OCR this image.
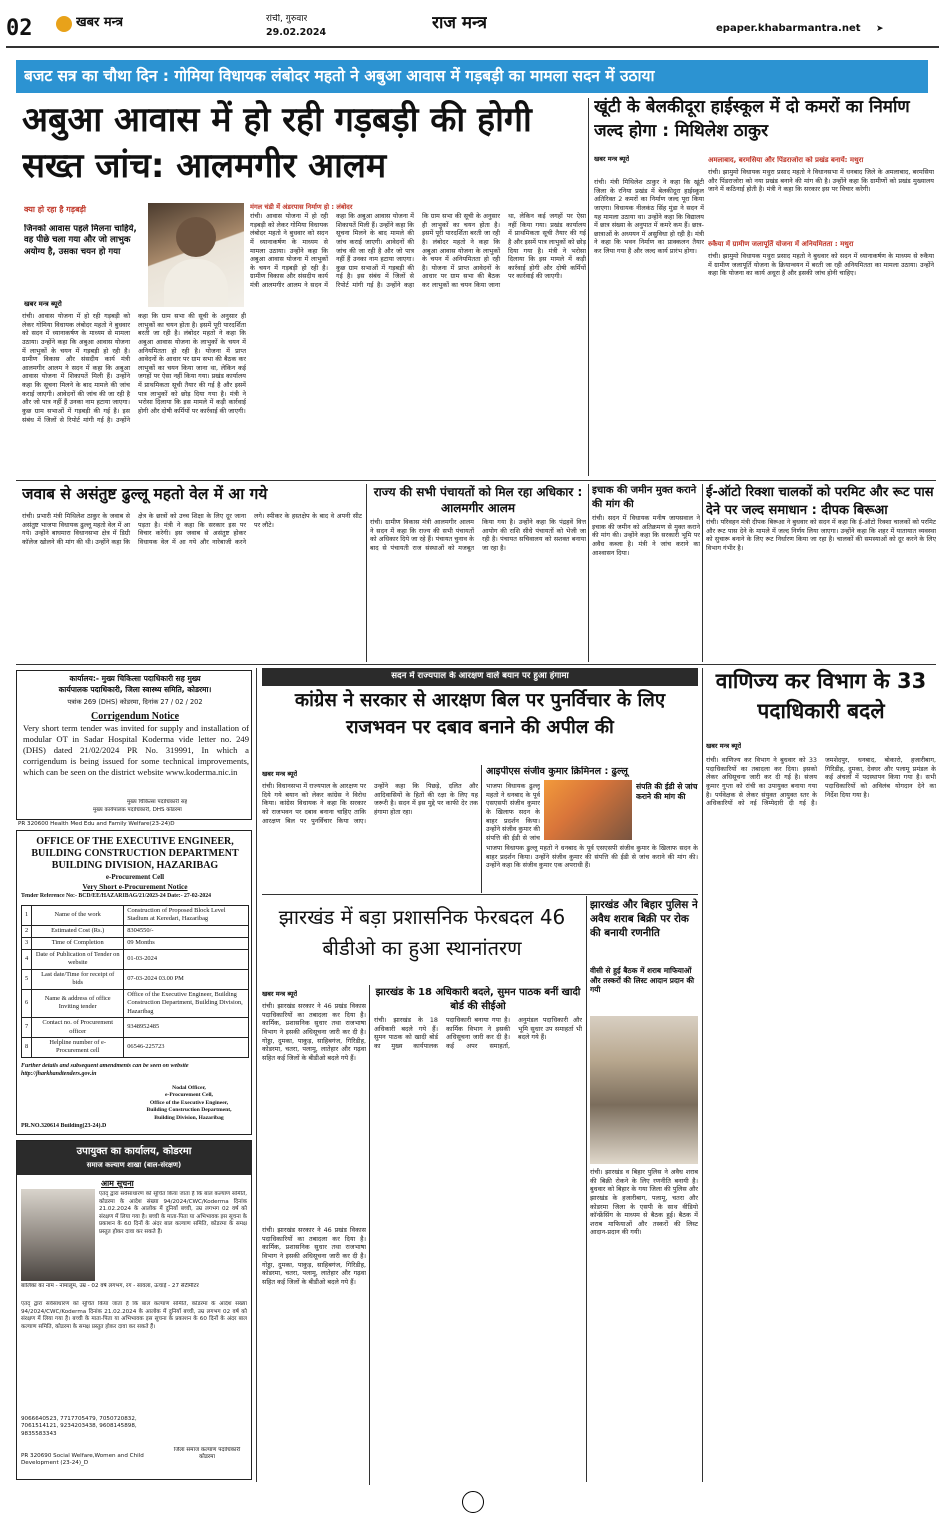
02	खबर मन्त्र	रांची, गुरुवार
29.02.2024	राज मन्त्र	epaper.khabarmantra.net ➤
बजट सत्र का चौथा दिन : गोमिया विधायक लंबोदर महतो ने अबुआ आवास में गड़बड़ी का मामला सदन में उठाया
अबुआ आवास में हो रही गड़बड़ी की होगी सख्त जांच: आलमगीर आलम
क्या हो रहा है गड़बड़ी
जिनको आवास पहले मिलना चाहिये, वह पीछे चला गया और जो लाभुक अयोग्य है, उसका चयन हो गया
खबर मन्त्र ब्यूरो
रांची। आवास योजना में हो रही गड़बड़ी को लेकर गोमिया विधायक लंबोदर महतो ने बुधवार को सदन में ध्यानाकर्षण के माध्यम से मामला उठाया। उन्होंने कहा कि अबुआ आवास योजना में लाभुकों के चयन में गड़बड़ी हो रही है। ग्रामीण विकास और संसदीय कार्य मंत्री आलमगीर आलम ने सदन में कहा कि अबुआ आवास योजना में शिकायतें मिली हैं। उन्होंने कहा कि सूचना मिलने के बाद मामले की जांच कराई जाएगी। आवेदनों की जांच की जा रही है और जो पात्र नहीं हैं उनका नाम हटाया जाएगा। कुछ ग्राम सभाओं में गड़बड़ी की गई है। इस संबंध में जिलों से रिपोर्ट मांगी गई है। उन्होंने कहा कि ग्राम सभा की सूची के अनुसार ही लाभुकों का चयन होता है। इसमें पूरी पारदर्शिता बरती जा रही है। लंबोदर महतो ने कहा कि अबुआ आवास योजना के लाभुकों के चयन में अनियमितता हो रही है। योजना में प्राप्त आवेदनों के आधार पर ग्राम सभा की बैठक कर लाभुकों का चयन किया जाना था, लेकिन कई जगहों पर ऐसा नहीं किया गया। प्रखंड कार्यालय में प्राथमिकता सूची तैयार की गई है और इसमें पात्र लाभुकों को छोड़ दिया गया है। मंत्री ने भरोसा दिलाया कि इस मामले में कड़ी कार्रवाई होगी और दोषी कर्मियों पर कार्रवाई की जाएगी।
मंगल चंडी में अंडरपास निर्माण हो : लंबोदर
रांची। आवास योजना में हो रही गड़बड़ी को लेकर गोमिया विधायक लंबोदर महतो ने बुधवार को सदन में ध्यानाकर्षण के माध्यम से मामला उठाया। उन्होंने कहा कि अबुआ आवास योजना में लाभुकों के चयन में गड़बड़ी हो रही है। ग्रामीण विकास और संसदीय कार्य मंत्री आलमगीर आलम ने सदन में कहा कि अबुआ आवास योजना में शिकायतें मिली हैं। उन्होंने कहा कि सूचना मिलने के बाद मामले की जांच कराई जाएगी। आवेदनों की जांच की जा रही है और जो पात्र नहीं हैं उनका नाम हटाया जाएगा। कुछ ग्राम सभाओं में गड़बड़ी की गई है। इस संबंध में जिलों से रिपोर्ट मांगी गई है। उन्होंने कहा कि ग्राम सभा की सूची के अनुसार ही लाभुकों का चयन होता है। इसमें पूरी पारदर्शिता बरती जा रही है। लंबोदर महतो ने कहा कि अबुआ आवास योजना के लाभुकों के चयन में अनियमितता हो रही है। योजना में प्राप्त आवेदनों के आधार पर ग्राम सभा की बैठक कर लाभुकों का चयन किया जाना था, लेकिन कई जगहों पर ऐसा नहीं किया गया। प्रखंड कार्यालय में प्राथमिकता सूची तैयार की गई है और इसमें पात्र लाभुकों को छोड़ दिया गया है। मंत्री ने भरोसा दिलाया कि इस मामले में कड़ी कार्रवाई होगी और दोषी कर्मियों पर कार्रवाई की जाएगी।
खूंटी के बेलकीदूरा हाईस्कूल में दो कमरों का निर्माण जल्द होगा : मिथिलेश ठाकुर
खबर मन्त्र ब्यूरो
रांची। मंत्री मिथिलेश ठाकुर ने कहा कि खूंटी जिला के रनिया प्रखंड में बेलकीदूरा हाईस्कूल अतिरिक्त 2 कमरों का निर्माण जल्द पूरा किया जाएगा। विधायक नीलकंठ सिंह मुंडा ने सदन में यह मामला उठाया था। उन्होंने कहा कि विद्यालय में छात्र संख्या के अनुपात में कमरे कम हैं। छात्र-छात्राओं के अध्ययन में असुविधा हो रही है। मंत्री ने कहा कि भवन निर्माण का प्राक्कलन तैयार कर लिया गया है और जल्द कार्य प्रारंभ होगा।
अमलाबाद, बरमसिया और पिंडराजोरा को प्रखंड बनायें: मथुरा
रांची। झामुमो विधायक मथुरा प्रसाद महतो ने विधानसभा में धनबाद जिले के अमलाबाद, बरमसिया और पिंडराजोरा को नया प्रखंड बनाने की मांग की है। उन्होंने कहा कि ग्रामीणों को प्रखंड मुख्यालय जाने में कठिनाई होती है। मंत्री ने कहा कि सरकार इस पर विचार करेगी।
रुकैया में ग्रामीण जलापूर्ति योजना में अनियमितता : मथुरा
रांची। झामुमो विधायक मथुरा प्रसाद महतो ने बुधवार को सदन में ध्यानाकर्षण के माध्यम से रुकैया में ग्रामीण जलापूर्ति योजना के क्रियान्वयन में बरती जा रही अनियमितता का मामला उठाया। उन्होंने कहा कि योजना का कार्य अधूरा है और इसकी जांच होनी चाहिए।
जवाब से असंतुष्ट ढुल्लू महतो वेल में आ गये
रांची। प्रभारी मंत्री मिथिलेश ठाकुर के जवाब से असंतुष्ट भाजपा विधायक ढुल्लू महतो वेल में आ गये। उन्होंने बाघमारा विधानसभा क्षेत्र में डिग्री कॉलेज खोलने की मांग की थी। उन्होंने कहा कि क्षेत्र के छात्रों को उच्च शिक्षा के लिए दूर जाना पड़ता है। मंत्री ने कहा कि सरकार इस पर विचार करेगी। इस जवाब से असंतुष्ट होकर विधायक वेल में आ गये और नारेबाजी करने लगे। स्पीकर के हस्तक्षेप के बाद वे अपनी सीट पर लौटे।
राज्य की सभी पंचायतों को मिल रहा अधिकार : आलमगीर आलम
रांची। ग्रामीण विकास मंत्री आलमगीर आलम ने सदन में कहा कि राज्य की सभी पंचायतों को अधिकार दिये जा रहे हैं। पंचायत चुनाव के बाद से पंचायती राज संस्थाओं को मजबूत किया गया है। उन्होंने कहा कि पंद्रहवें वित्त आयोग की राशि सीधे पंचायतों को भेजी जा रही है। पंचायत सचिवालय को सशक्त बनाया जा रहा है।
इचाक की जमीन मुक्त कराने की मांग की
रांची। सदन में विधायक मनीष जायसवाल ने इचाक की जमीन को अतिक्रमण से मुक्त कराने की मांग की। उन्होंने कहा कि सरकारी भूमि पर अवैध कब्जा है। मंत्री ने जांच कराने का आश्वासन दिया।
ई-ऑटो रिक्शा चालकों को परमिट और रूट पास देने पर जल्द समाधान : दीपक बिरूआ
रांची। परिवहन मंत्री दीपक बिरूआ ने बुधवार को सदन में कहा कि ई-ऑटो रिक्शा चालकों को परमिट और रूट पास देने के मामले में जल्द निर्णय लिया जाएगा। उन्होंने कहा कि शहर में यातायात व्यवस्था को सुचारू बनाने के लिए रूट निर्धारण किया जा रहा है। चालकों की समस्याओं को दूर करने के लिए विभाग गंभीर है।
कार्यालय:- मुख्य चिकित्सा पदाधिकारी सह मुख्य
कार्यपालक पदाधिकारी, जिला स्वास्थ्य समिति, कोडरमा।
पत्रांक 269 (DHS) कोडरमा, दिनांक 27 / 02 / 202
Corrigendum Notice
Very short term tender was invited for supply and installation of modular OT in Sadar Hospital Koderma vide letter no. 249 (DHS) dated 21/02/2024 PR No. 319991, In which a corrigendum is being issued for some technical improvements, which can be seen on the district website www.koderma.nic.in
मुख्य चिकित्सा पदाधिकारी सह
मुख्य कार्यपालक पदाधिकारी, DHS कोडरमा
PR 320600 Health Med Edu and Family Welfare(23-24)D
OFFICE OF THE EXECUTIVE ENGINEER,
BUILDING CONSTRUCTION DEPARTMENT
BUILDING DIVISION, HAZARIBAG
e-Procurement Cell
Very Short e-Procurement Notice
Tender Reference No:- BCD/EE/HAZARIBAG/21/2023-24 Date:- 27-02-2024
1	Name of the work	Construction of Proposed Block Level Stadium at Keredari, Hazaribag
2	Estimated Cost (Rs.)	8304550/-
3	Time of Completion	09 Months
4	Date of Publication of Tender on website	01-03-2024
5	Last date/Time for receipt of bids	07-03-2024 03.00 PM
6	Name & address of office Inviting tender	Office of the Executive Engineer, Building Construction Department, Building Division, Hazaribag
7	Contact no. of Procurement officer	9348952485
8	Helpline number of e-Procurement cell	06546-225723
Further details and subsequent amendments can be seen on website http://jharkhandtenders.gov.in
Nodal Officer,
e-Procurement Cell,
Office of the Executive Engineer,
Building Construction Department,
Building Division, Hazaribag
PR.NO.320614 Building(23-24).D
उपायुक्त का कार्यालय, कोडरमा
समाज कल्याण शाखा (बाल-संरक्षण)
आम सूचना
एतद् द्वारा सर्वसाधारण को सूचित किया जाता है कि बाल कल्याण समिति, कोडरमा के आदेश संख्या 94/2024/CWC/Koderma दिनांक 21.02.2024 के आलोक में दुनियाँ बच्ची, उम्र लगभग 02 वर्ष को संरक्षण में लिया गया है। बच्ची के माता-पिता या अभिभावक इस सूचना के प्रकाशन के 60 दिनों के अंदर बाल कल्याण समिति, कोडरमा के समक्ष प्रस्तुत होकर दावा कर सकते हैं।
बालिका का नाम - नामालूम, उम्र - 02 वर्ष लगभग, रंग - सांवला, ऊंचाई - 27 सेंटीमीटर
एतद् द्वारा सर्वसाधारण को सूचित किया जाता है कि बाल कल्याण समिति, कोडरमा के आदेश संख्या 94/2024/CWC/Koderma दिनांक 21.02.2024 के आलोक में दुनियाँ बच्ची, उम्र लगभग 02 वर्ष को संरक्षण में लिया गया है। बच्ची के माता-पिता या अभिभावक इस सूचना के प्रकाशन के 60 दिनों के अंदर बाल कल्याण समिति, कोडरमा के समक्ष प्रस्तुत होकर दावा कर सकते हैं।
9066640523, 7717705479, 7050720832, 7061514121, 9234203438, 9608145898, 9835583343
PR 320690 Social Welfare,Women and Child Development (23-24)_D
जिला समाज कल्याण पदाधिकारी कोडरमा
सदन में राज्यपाल के आरक्षण वाले बयान पर हुआ हंगामा
कांग्रेस ने सरकार से आरक्षण बिल पर पुनर्विचार के लिए राजभवन पर दबाव बनाने की अपील की
खबर मन्त्र ब्यूरो
रांची। विधानसभा में राज्यपाल के आरक्षण पर दिये गये बयान को लेकर कांग्रेस ने विरोध किया। कांग्रेस विधायक ने कहा कि सरकार को राजभवन पर दबाव बनाना चाहिए ताकि आरक्षण बिल पर पुनर्विचार किया जाए। उन्होंने कहा कि पिछड़े, दलित और आदिवासियों के हितों की रक्षा के लिए यह जरूरी है। सदन में इस मुद्दे पर काफी देर तक हंगामा होता रहा।
आइपीएस संजीव कुमार क्रिमिनल : ढुल्लू
भाजपा विधायक ढुल्लू महतो ने धनबाद के पूर्व एसएसपी संजीव कुमार के खिलाफ सदन के बाहर प्रदर्शन किया। उन्होंने संजीव कुमार की संपत्ति की ईडी से जांच
संपति की ईडी से जांच कराने की मांग की
भाजपा विधायक ढुल्लू महतो ने धनबाद के पूर्व एसएसपी संजीव कुमार के खिलाफ सदन के बाहर प्रदर्शन किया। उन्होंने संजीव कुमार की संपत्ति की ईडी से जांच कराने की मांग की। उन्होंने कहा कि संजीव कुमार एक अपराधी हैं।
झारखंड में बड़ा प्रशासनिक फेरबदल 46 बीडीओ का हुआ स्थानांतरण
खबर मन्त्र ब्यूरो
रांची। झारखंड सरकार ने 46 प्रखंड विकास पदाधिकारियों का तबादला कर दिया है। कार्मिक, प्रशासनिक सुधार तथा राजभाषा विभाग ने इसकी अधिसूचना जारी कर दी है। गोड्डा, दुमका, पाकुड़, साहिबगंज, गिरिडीह, कोडरमा, चतरा, पलामू, लातेहार और गढ़वा सहित कई जिलों के बीडीओ बदले गये हैं।
रांची। झारखंड सरकार ने 46 प्रखंड विकास पदाधिकारियों का तबादला कर दिया है। कार्मिक, प्रशासनिक सुधार तथा राजभाषा विभाग ने इसकी अधिसूचना जारी कर दी है। गोड्डा, दुमका, पाकुड़, साहिबगंज, गिरिडीह, कोडरमा, चतरा, पलामू, लातेहार और गढ़वा सहित कई जिलों के बीडीओ बदले गये हैं।
झारखंड के 18 अधिकारी बदले, सुमन पाठक बनीं खादी बोर्ड की सीईओ
रांची। झारखंड के 18 अधिकारी बदले गये हैं। सुमन पाठक को खादी बोर्ड का मुख्य कार्यपालक पदाधिकारी बनाया गया है। कार्मिक विभाग ने इसकी अधिसूचना जारी कर दी है। कई अपर समाहर्ता, अनुमंडल पदाधिकारी और भूमि सुधार उप समाहर्ता भी बदले गये हैं।
झारखंड और बिहार पुलिस ने अवैध शराब बिक्री पर रोक की बनायी रणनीति
वीसी से हुई बैठक में शराब माफियाओं और तस्करों की लिस्ट आदान प्रदान की गयी
रांची। झारखंड व बिहार पुलिस ने अवैध शराब की बिक्री रोकने के लिए रणनीति बनायी है। बुधवार को बिहार के गया जिला की पुलिस और झारखंड के हजारीबाग, पलामू, चतरा और कोडरमा जिला के एसपी के साथ वीडियो कॉन्फ्रेंसिंग के माध्यम से बैठक हुई। बैठक में शराब माफियाओं और तस्करों की लिस्ट आदान-प्रदान की गयी।
वाणिज्य कर विभाग के 33 पदाधिकारी बदले
खबर मन्त्र ब्यूरो
रांची। वाणिज्य कर विभाग ने बुधवार को 33 पदाधिकारियों का तबादला कर दिया। इसको लेकर अधिसूचना जारी कर दी गई है। संजय कुमार गुप्ता को रांची का उपायुक्त बनाया गया है। पर्यवेक्षक से लेकर संयुक्त आयुक्त स्तर के अधिकारियों को नई जिम्मेदारी दी गई है। जमशेदपुर, धनबाद, बोकारो, हजारीबाग, गिरिडीह, दुमका, देवघर और पलामू प्रमंडल के कई अंचलों में पदस्थापन किया गया है। सभी पदाधिकारियों को अविलंब योगदान देने का निर्देश दिया गया है।
